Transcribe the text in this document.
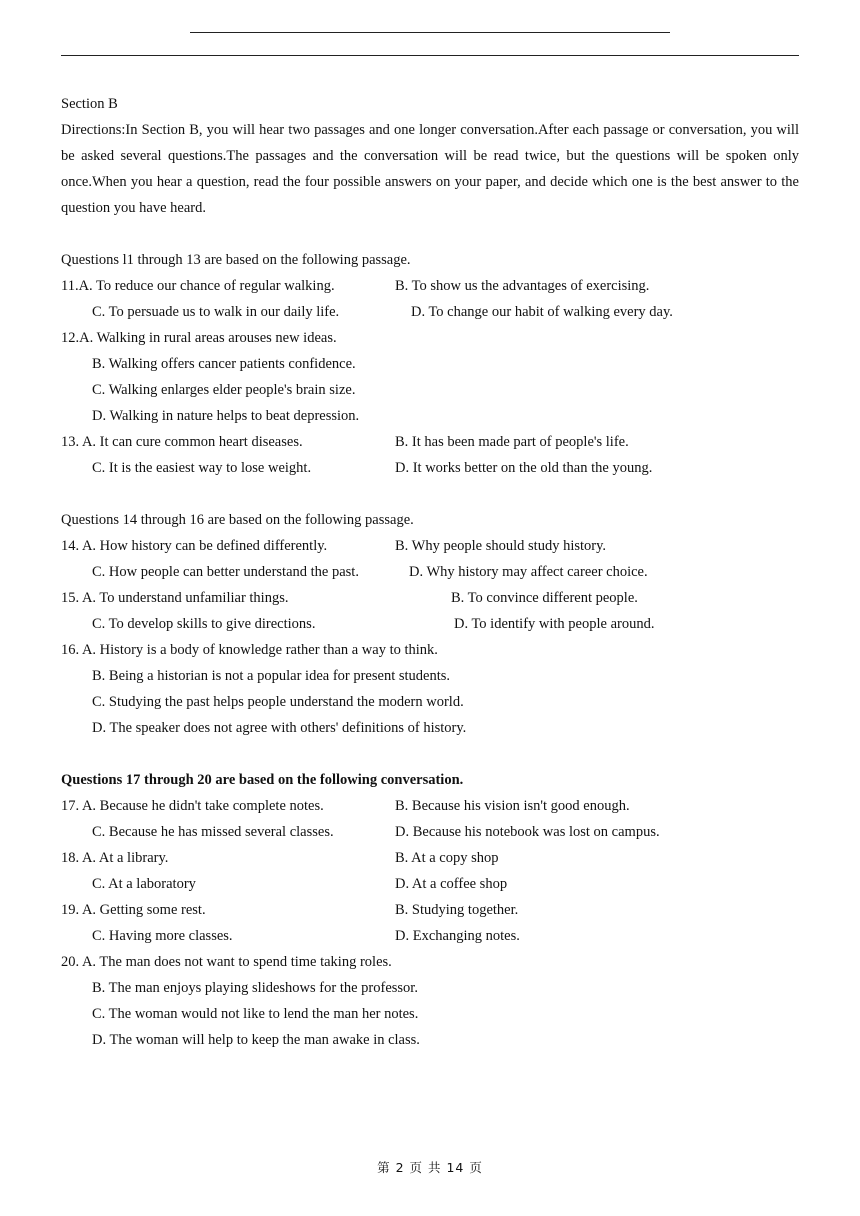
Section B
Directions:In Section B, you will hear two passages and one longer conversation.After each passage or conversation, you will be asked several questions.The passages and the conversation will be read twice, but the questions will be spoken only once.When you hear a question, read the four possible answers on your paper, and decide which one is the best answer to the question you have heard.
Questions l1 through 13 are based on the following passage.
11.A. To reduce our chance of regular walking.	B. To show us the advantages of exercising.
C. To persuade us to walk in our daily life.	D. To change our habit of walking every day.
12.A. Walking in rural areas arouses new ideas.
B. Walking offers cancer patients confidence.
C. Walking enlarges elder people's brain size.
D. Walking in nature helps to beat depression.
13. A. It can cure common heart diseases.	B. It has been made part of people's life.
C. It is the easiest way to lose weight.	D. It works better on the old than the young.
Questions 14 through 16 are based on the following passage.
14. A. How history can be defined differently.	B. Why people should study history.
C. How people can better understand the past.	D. Why history may affect career choice.
15. A. To understand unfamiliar things.	B. To convince different people.
C. To develop skills to give directions.	D. To identify with people around.
16. A. History is a body of knowledge rather than a way to think.
B. Being a historian is not a popular idea for present students.
C. Studying the past helps people understand the modern world.
D. The speaker does not agree with others' definitions of history.
Questions 17 through 20 are based on the following conversation.
17. A. Because he didn't take complete notes.	B. Because his vision isn't good enough.
C. Because he has missed several classes.	D. Because his notebook was lost on campus.
18. A. At a library.	B. At a copy shop
C. At a laboratory	D. At a coffee shop
19. A. Getting some rest.	B. Studying together.
C. Having more classes.	D. Exchanging notes.
20. A. The man does not want to spend time taking roles.
B. The man enjoys playing slideshows for the professor.
C. The woman would not like to lend the man her notes.
D. The woman will help to keep the man awake in class.
第 2 页 共 14 页
